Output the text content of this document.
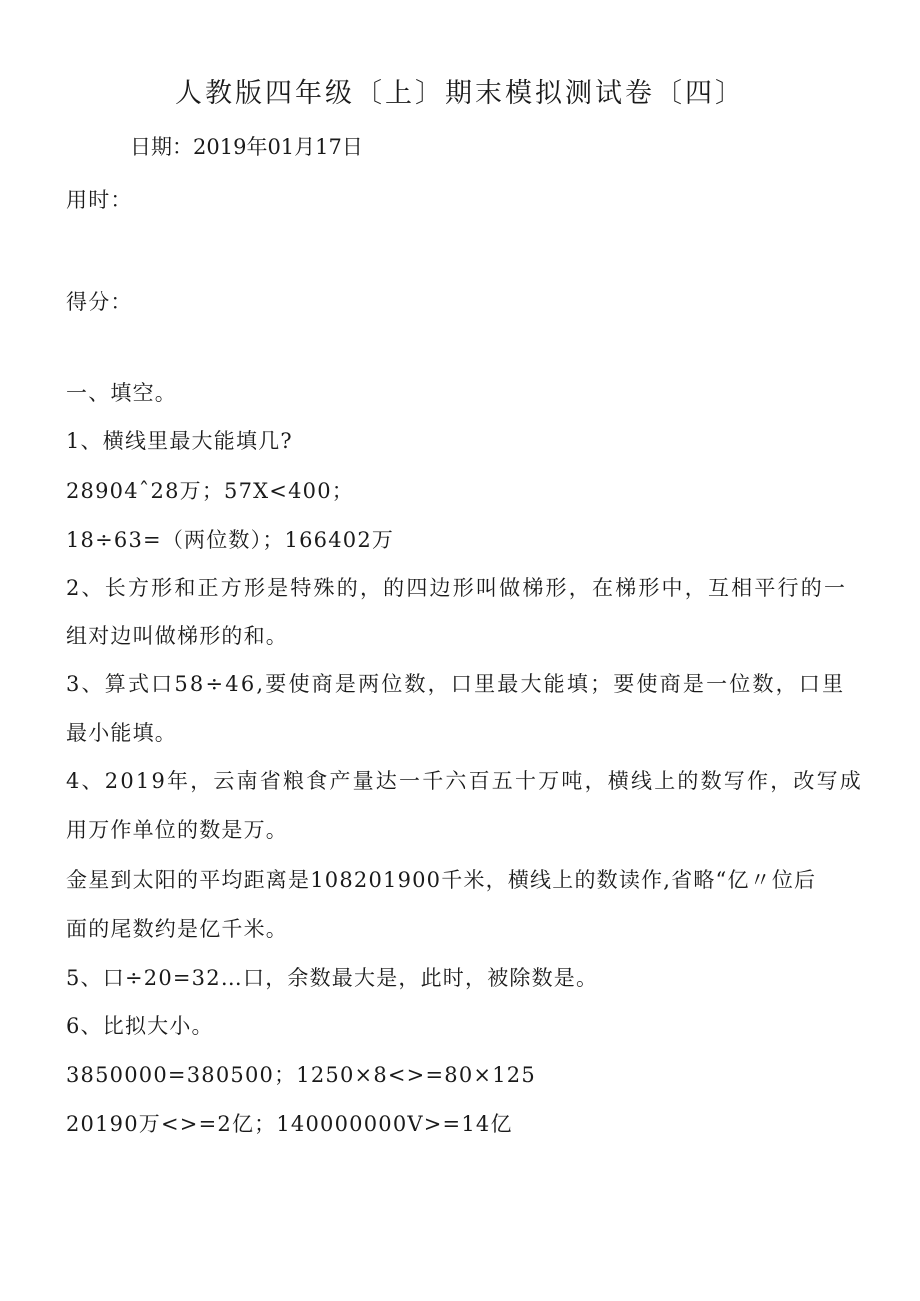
人教版四年级〔上〕期末模拟测试卷〔四〕
日期：2019年01月17日
用时：
得分：
一、填空。
1、横线里最大能填几?
28904ˆ28万；57X<400；
18÷63=（两位数）；166402万
2、长方形和正方形是特殊的，的四边形叫做梯形，在梯形中，互相平行的一
组对边叫做梯形的和。
3、算式口58÷46,要使商是两位数，口里最大能填；要使商是一位数，口里
最小能填。
4、2019年，云南省粮食产量达一千六百五十万吨，横线上的数写作，改写成
用万作单位的数是万。
金星到太阳的平均距离是108201900千米，横线上的数读作,省略“亿〃位后
面的尾数约是亿千米。
5、口÷20=32…口，余数最大是，此时，被除数是。
6、比拟大小。
3850000=380500；1250×8<>=80×125
20190万<>=2亿；140000000V>=14亿
